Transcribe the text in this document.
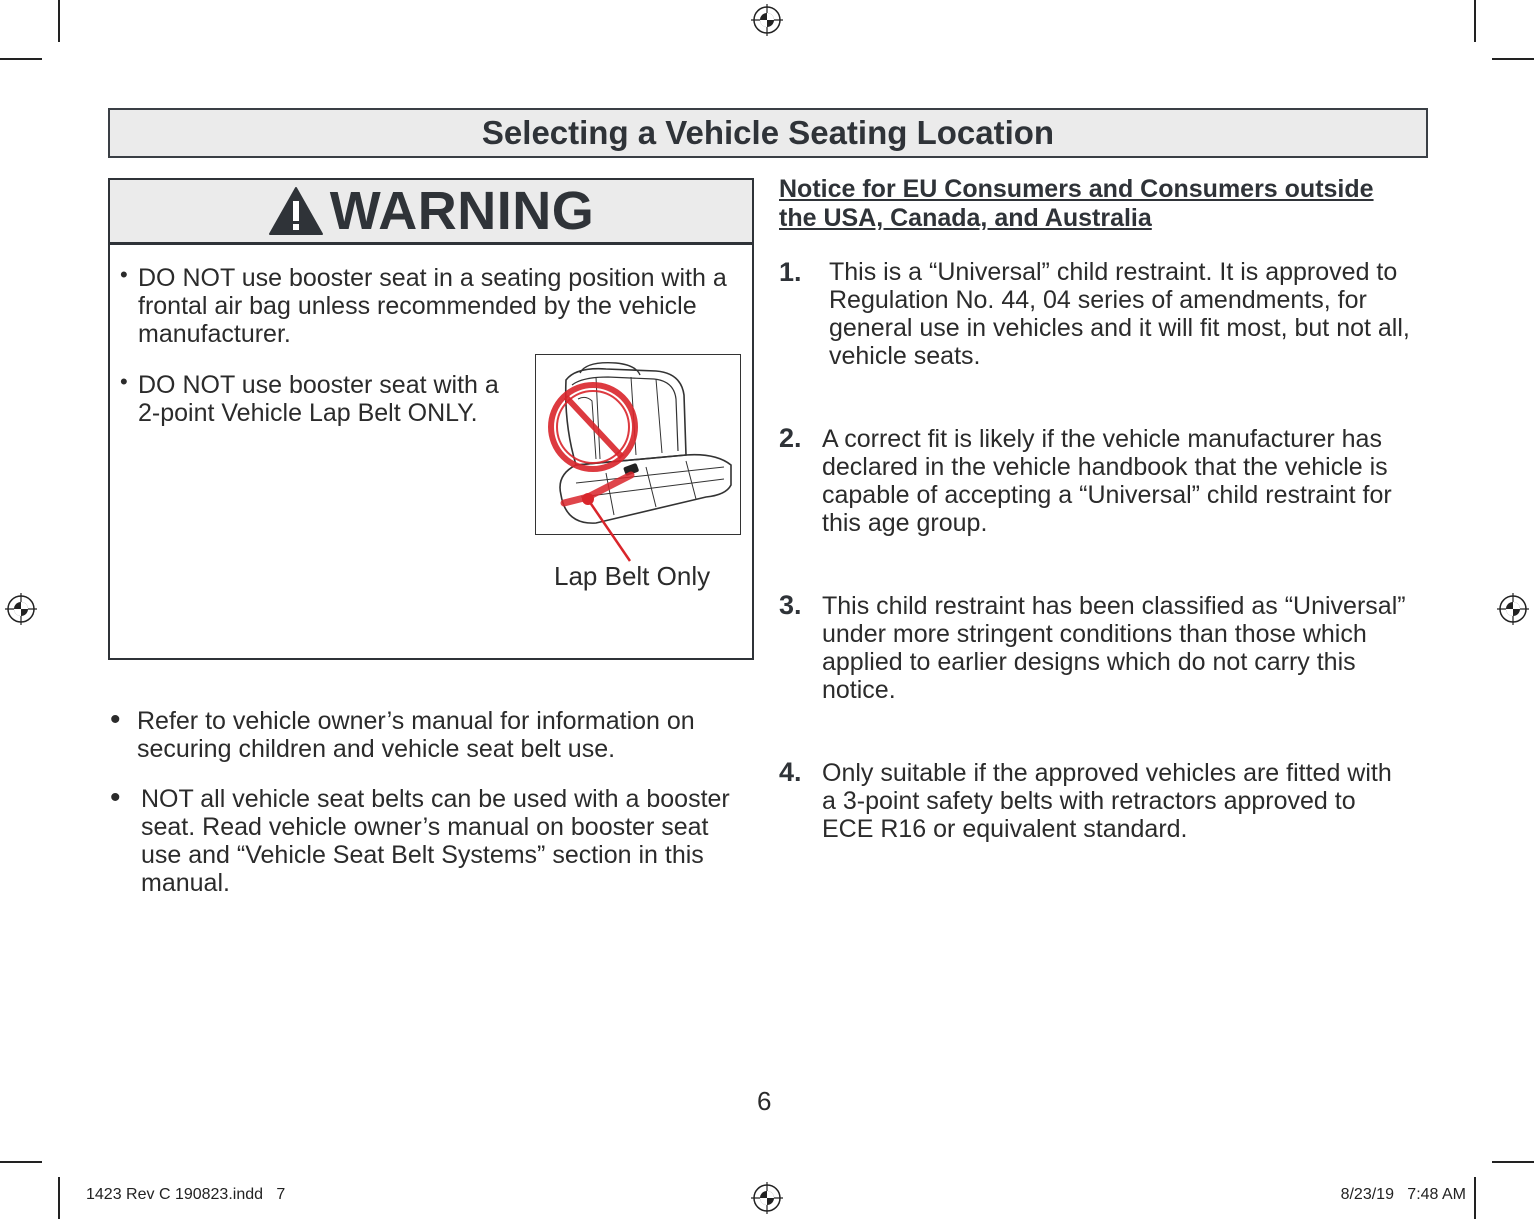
Selecting a Vehicle Seating Location
WARNING
• DO NOT use booster seat in a seating position with a frontal air bag unless recommended by the vehicle manufacturer.
• DO NOT use booster seat with a 2-point Vehicle Lap Belt ONLY.
Lap Belt Only
• Refer to vehicle owner’s manual for information on securing children and vehicle seat belt use.
• NOT all vehicle seat belts can be used with a booster seat. Read vehicle owner’s manual on booster seat use and “Vehicle Seat Belt Systems” section in this manual.
Notice for EU Consumers and Consumers outside the USA, Canada, and Australia
1. This is a “Universal” child restraint. It is approved to Regulation No. 44, 04 series of amendments, for general use in vehicles and it will fit most, but not all, vehicle seats.
2. A correct fit is likely if the vehicle manufacturer has declared in the vehicle handbook that the vehicle is capable of accepting a “Universal” child restraint for this age group.
3. This child restraint has been classified as “Universal” under more stringent conditions than those which applied to earlier designs which do not carry this notice.
4. Only suitable if the approved vehicles are fitted with a 3-point safety belts with retractors approved to ECE R16 or equivalent standard.
6
1423 Rev C 190823.indd   7	8/23/19   7:48 AM
